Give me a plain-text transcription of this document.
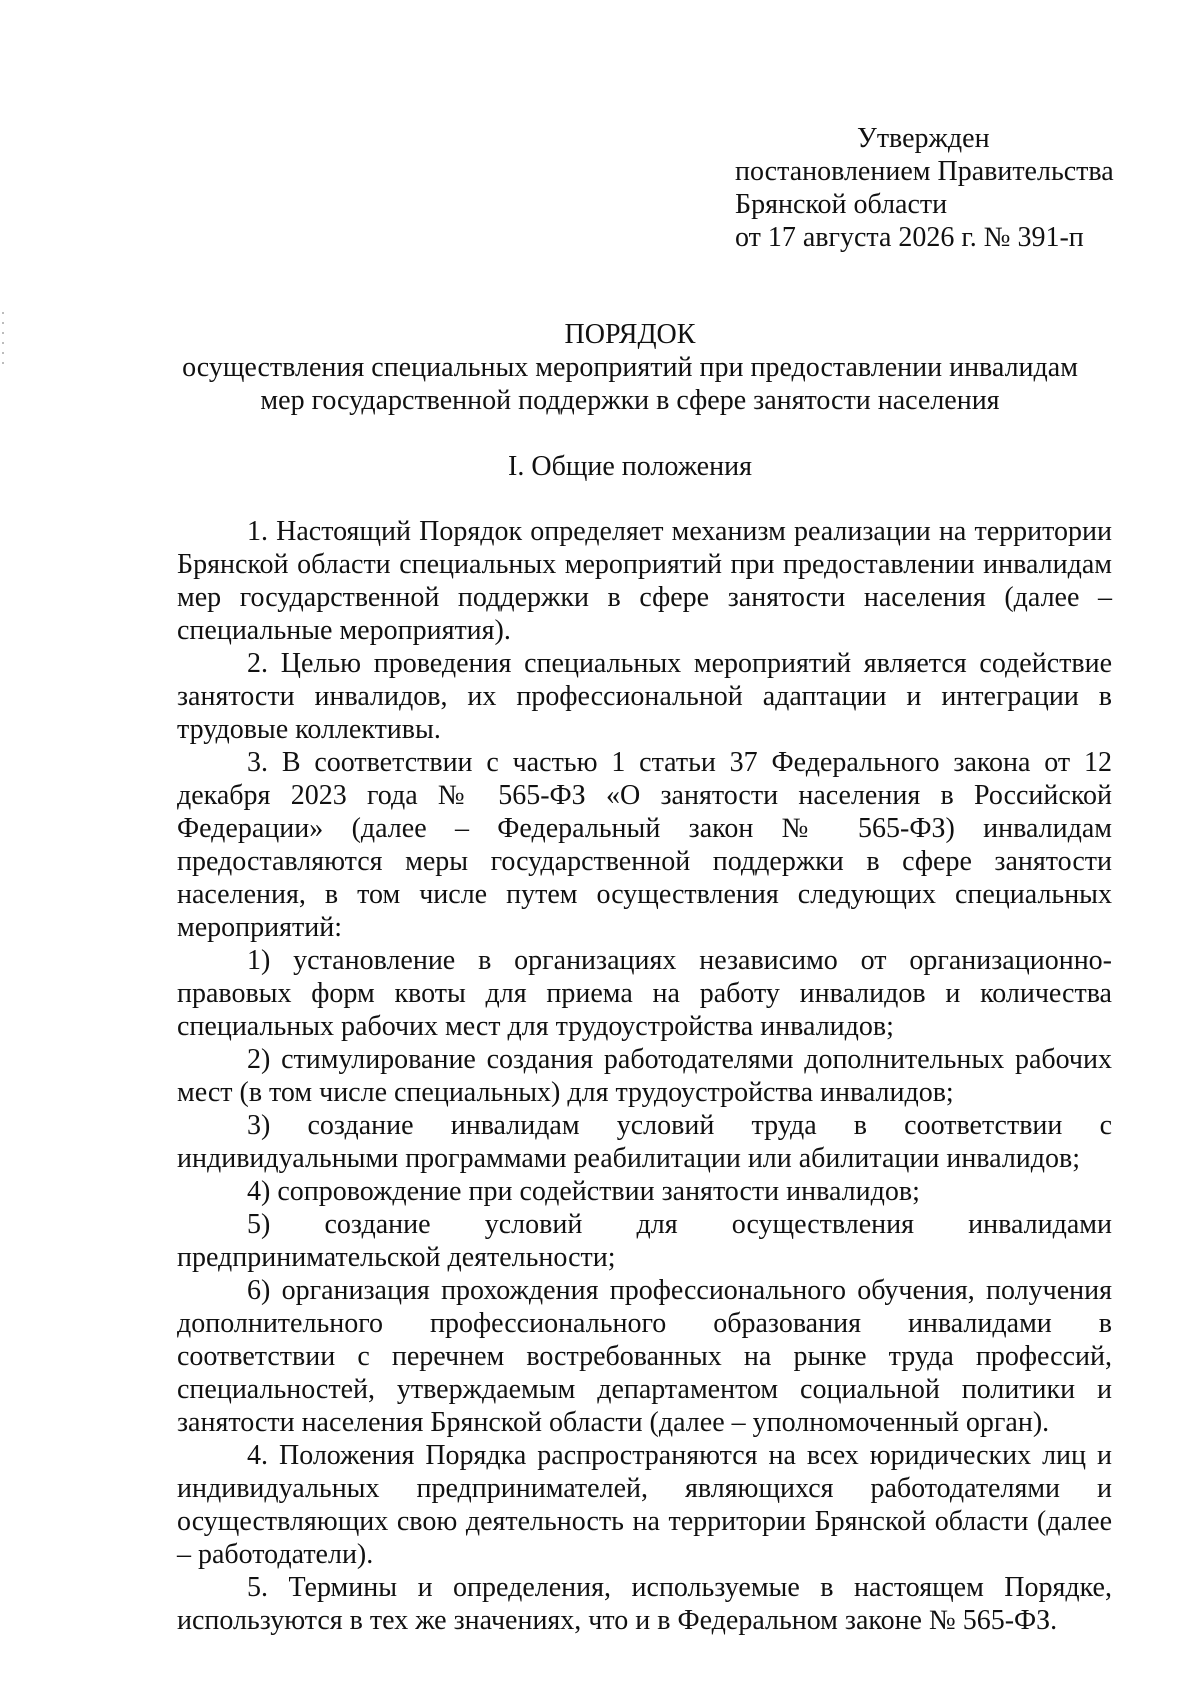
Утвержден
постановлением Правительства
Брянской области
от 17 августа 2026 г. № 391-п
ПОРЯДОК
осуществления специальных мероприятий при предоставлении инвалидам
мер государственной поддержки в сфере занятости населения
I. Общие положения

1. Настоящий Порядок определяет механизм реализации на территории Брянской области специальных мероприятий при предоставлении инвалидам мер государственной поддержки в сфере занятости населения (далее – специальные мероприятия).

2. Целью проведения специальных мероприятий является содействие занятости инвалидов, их профессиональной адаптации и интеграции в трудовые коллективы.

3. В соответствии с частью 1 статьи 37 Федерального закона от 12 декабря 2023 года № 565-ФЗ «О занятости населения в Российской Федерации» (далее – Федеральный закон № 565-ФЗ) инвалидам предоставляются меры государственной поддержки в сфере занятости населения, в том числе путем осуществления следующих специальных мероприятий:

1) установление в организациях независимо от организационно-правовых форм квоты для приема на работу инвалидов и количества специальных рабочих мест для трудоустройства инвалидов;

2) стимулирование создания работодателями дополнительных рабочих мест (в том числе специальных) для трудоустройства инвалидов;

3) создание инвалидам условий труда в соответствии с индивидуальными программами реабилитации или абилитации инвалидов;

4) сопровождение при содействии занятости инвалидов;

5) создание условий для осуществления инвалидами предпринимательской деятельности;

6) организация прохождения профессионального обучения, получения дополнительного профессионального образования инвалидами в соответствии с перечнем востребованных на рынке труда профессий, специальностей, утверждаемым департаментом социальной политики и занятости населения Брянской области (далее – уполномоченный орган).

4. Положения Порядка распространяются на всех юридических лиц и индивидуальных предпринимателей, являющихся работодателями и осуществляющих свою деятельность на территории Брянской области (далее – работодатели).

5. Термины и определения, используемые в настоящем Порядке, используются в тех же значениях, что и в Федеральном законе № 565-ФЗ.
